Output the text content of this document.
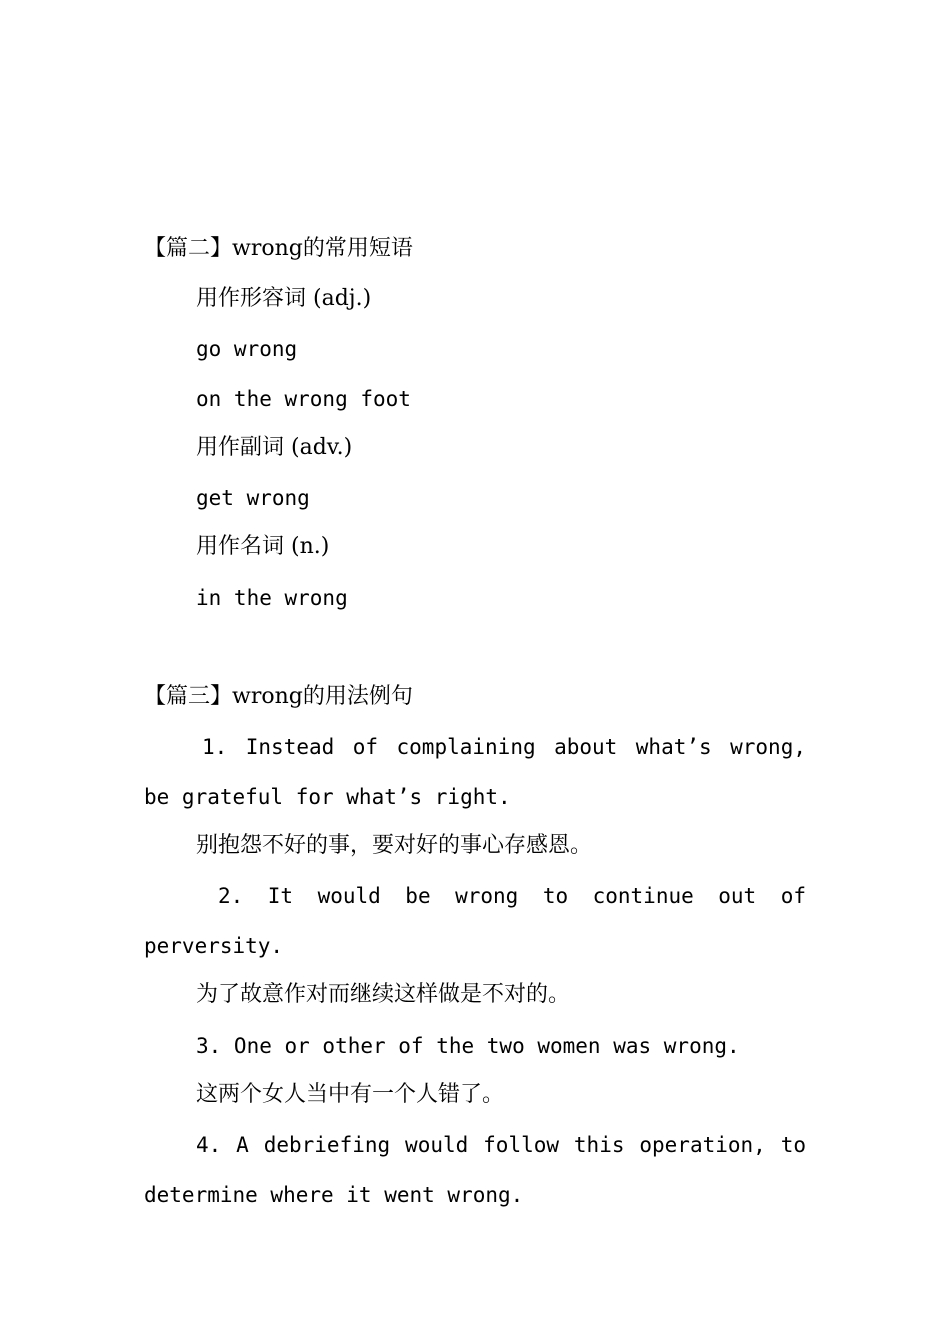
【篇二】wrong的常用短语
用作形容词 (adj.)
go wrong
on the wrong foot
用作副词 (adv.)
get wrong
用作名词 (n.)
in the wrong
【篇三】wrong的用法例句
1. Instead of complaining about what’s wrong,
be grateful for what’s right.
别抱怨不好的事，要对好的事心存感恩。
2. It would be wrong to continue out of
perversity.
为了故意作对而继续这样做是不对的。
3. One or other of the two women was wrong.
这两个女人当中有一个人错了。
4. A debriefing would follow this operation, to
determine where it went wrong.
